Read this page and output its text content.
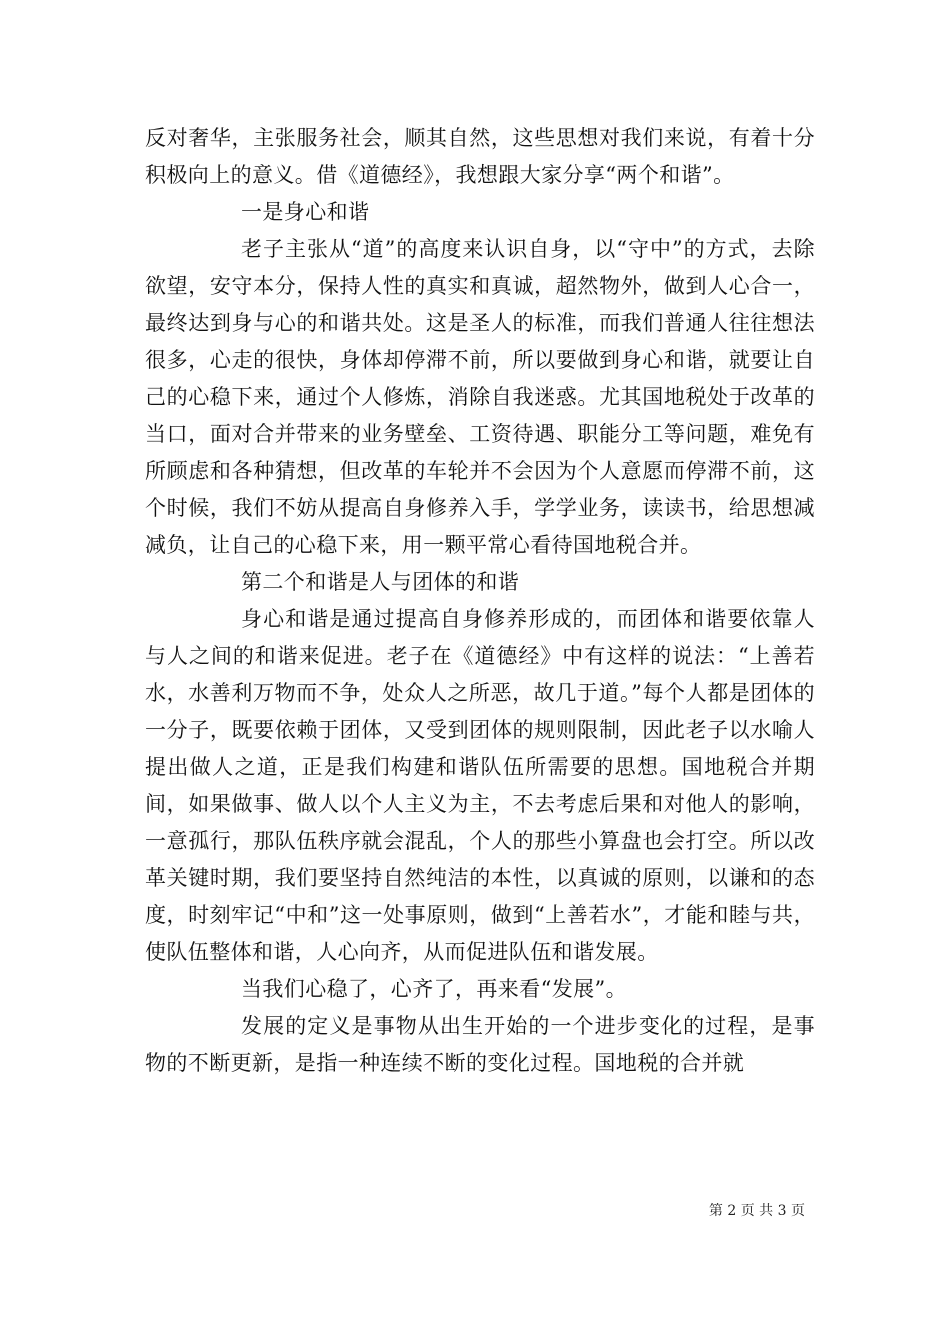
反对奢华，主张服务社会，顺其自然，这些思想对我们来说，有着十分积极向上的意义。借《道德经》，我想跟大家分享“两个和谐”。

一是身心和谐

老子主张从“道”的高度来认识自身，以“守中”的方式，去除欲望，安守本分，保持人性的真实和真诚，超然物外，做到人心合一，最终达到身与心的和谐共处。这是圣人的标准，而我们普通人往往想法很多，心走的很快，身体却停滞不前，所以要做到身心和谐，就要让自己的心稳下来，通过个人修炼，消除自我迷惑。尤其国地税处于改革的当口，面对合并带来的业务壁垒、工资待遇、职能分工等问题，难免有所顾虑和各种猜想，但改革的车轮并不会因为个人意愿而停滞不前，这个时候，我们不妨从提高自身修养入手，学学业务，读读书，给思想减减负，让自己的心稳下来，用一颗平常心看待国地税合并。

第二个和谐是人与团体的和谐

身心和谐是通过提高自身修养形成的，而团体和谐要依靠人与人之间的和谐来促进。老子在《道德经》中有这样的说法：“上善若水，水善利万物而不争，处众人之所恶，故几于道。”每个人都是团体的一分子，既要依赖于团体，又受到团体的规则限制，因此老子以水喻人提出做人之道，正是我们构建和谐队伍所需要的思想。国地税合并期间，如果做事、做人以个人主义为主，不去考虑后果和对他人的影响，一意孤行，那队伍秩序就会混乱，个人的那些小算盘也会打空。所以改革关键时期，我们要坚持自然纯洁的本性，以真诚的原则，以谦和的态度，时刻牢记“中和”这一处事原则，做到“上善若水”，才能和睦与共，使队伍整体和谐，人心向齐，从而促进队伍和谐发展。

当我们心稳了，心齐了，再来看“发展”。

发展的定义是事物从出生开始的一个进步变化的过程，是事物的不断更新，是指一种连续不断的变化过程。国地税的合并就

第 2 页 共 3 页
